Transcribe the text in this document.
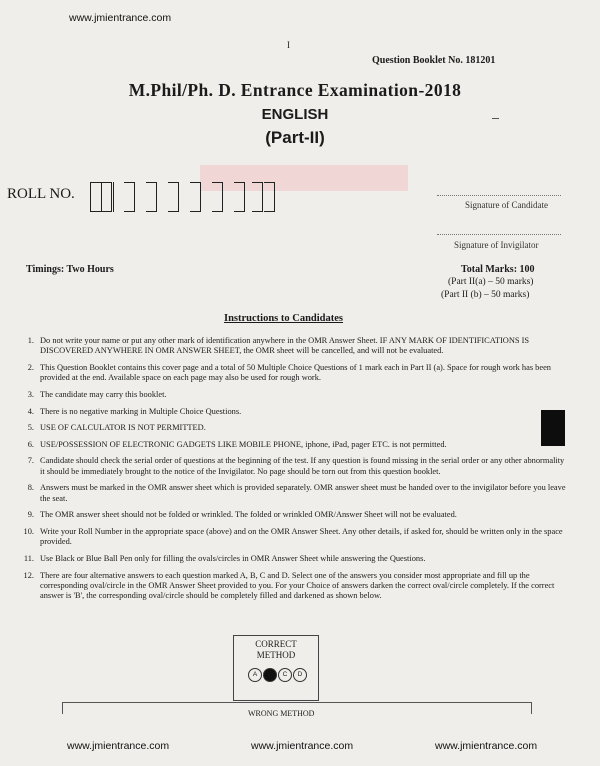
www.jmientrance.com
I
Question Booklet No. 181201
M.Phil/Ph. D. Entrance Examination-2018
ENGLISH
(Part-II)
ROLL NO.
Signature of Candidate
Signature of Invigilator
Timings: Two Hours	Total Marks: 100
(Part II(a) – 50 marks)
(Part II (b) – 50 marks)
Instructions to Candidates
1. Do not write your name or put any other mark of identification anywhere in the OMR Answer Sheet. IF ANY MARK OF IDENTIFICATIONS IS DISCOVERED ANYWHERE IN OMR ANSWER SHEET, the OMR sheet will be cancelled, and will not be evaluated.
2. This Question Booklet contains this cover page and a total of 50 Multiple Choice Questions of 1 mark each in Part II (a). Space for rough work has been provided at the end. Available space on each page may also be used for rough work.
3. The candidate may carry this booklet.
4. There is no negative marking in Multiple Choice Questions.
5. USE OF CALCULATOR IS NOT PERMITTED.
6. USE/POSSESSION OF ELECTRONIC GADGETS LIKE MOBILE PHONE, iphone, iPad, pager ETC. is not permitted.
7. Candidate should check the serial order of questions at the beginning of the test. If any question is found missing in the serial order or any other abnormality it should be immediately brought to the notice of the Invigilator. No page should be torn out from this question booklet.
8. Answers must be marked in the OMR answer sheet which is provided separately. OMR answer sheet must be handed over to the invigilator before you leave the seat.
9. The OMR answer sheet should not be folded or wrinkled. The folded or wrinkled OMR/Answer Sheet will not be evaluated.
10. Write your Roll Number in the appropriate space (above) and on the OMR Answer Sheet. Any other details, if asked for, should be written only in the space provided.
11. Use Black or Blue Ball Pen only for filling the ovals/circles in OMR Answer Sheet while answering the Questions.
12. There are four alternative answers to each question marked A, B, C and D. Select one of the answers you consider most appropriate and fill up the corresponding oval/circle in the OMR Answer Sheet provided to you. For your Choice of answers darken the correct oval/circle completely. If the correct answer is 'B', the corresponding oval/circle should be completely filled and darkened as shown below.
CORRECT
METHOD
A	C	D
WRONG METHOD
www.jmientrance.com	www.jmientrance.com	www.jmientrance.com
